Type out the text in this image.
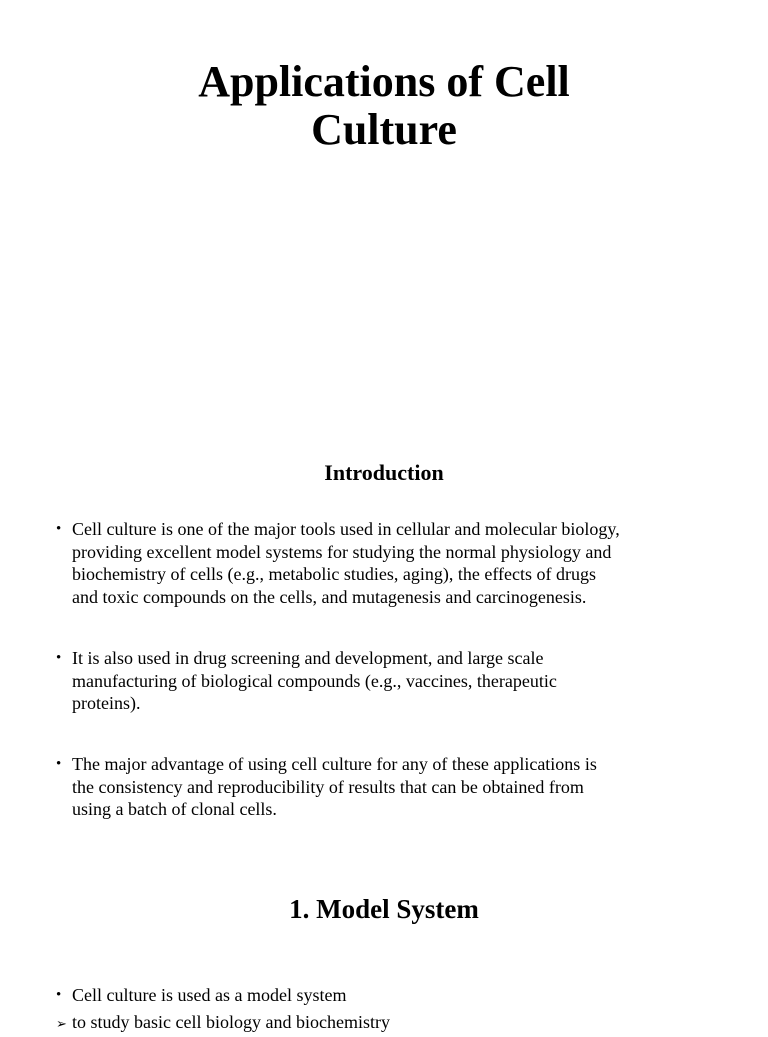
Applications of Cell
Culture
Introduction
• Cell culture is one of the major tools used in cellular and molecular biology,
providing excellent model systems for studying the normal physiology and
biochemistry of cells (e.g., metabolic studies, aging), the effects of drugs
and toxic compounds on the cells, and mutagenesis and carcinogenesis.
• It is also used in drug screening and development, and large scale
manufacturing of biological compounds (e.g., vaccines, therapeutic
proteins).
• The major advantage of using cell culture for any of these applications is
the consistency and reproducibility of results that can be obtained from
using a batch of clonal cells.
1. Model System
• Cell culture is used as a model system
➢ to study basic cell biology and biochemistry
